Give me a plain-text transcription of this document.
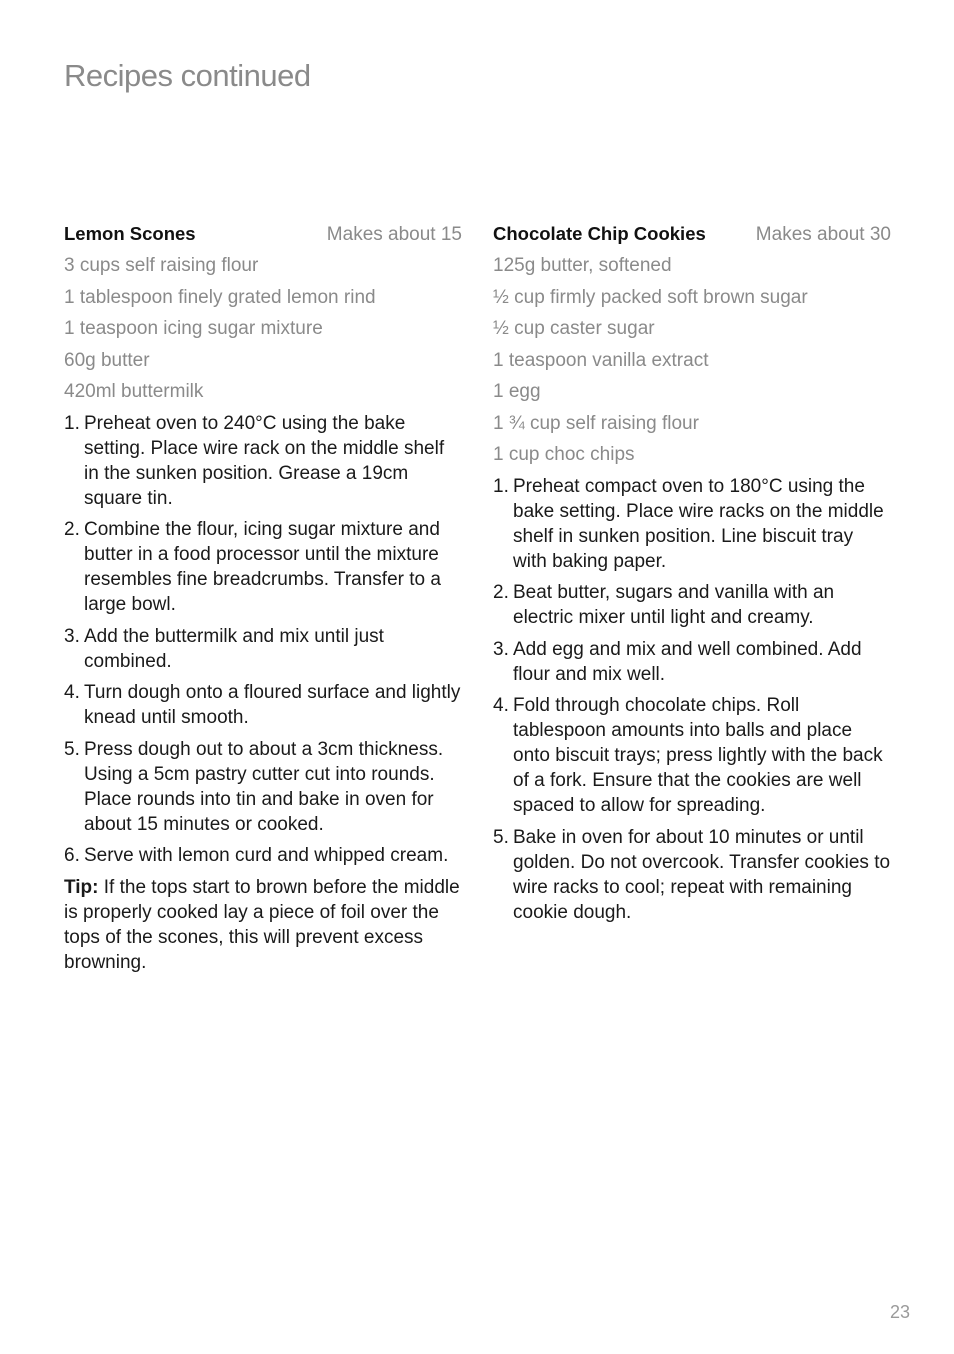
Recipes continued
Lemon Scones	Makes about 15
3 cups self raising flour
1 tablespoon finely grated lemon rind
1 teaspoon icing sugar mixture
60g butter
420ml buttermilk
1. Preheat oven to 240°C using the bake setting. Place wire rack on the middle shelf in the sunken position. Grease a 19cm square tin.
2. Combine the flour, icing sugar mixture and butter in a food processor until the mixture resembles fine breadcrumbs. Transfer to a large bowl.
3. Add the buttermilk and mix until just combined.
4. Turn dough onto a floured surface and lightly knead until smooth.
5. Press dough out to about a 3cm thickness. Using a 5cm pastry cutter cut into rounds. Place rounds into tin and bake in oven for about 15 minutes or cooked.
6. Serve with lemon curd and whipped cream.

Tip: If the tops start to brown before the middle is properly cooked lay a piece of foil over the tops of the scones, this will prevent excess browning.

Chocolate Chip Cookies	Makes about 30
125g butter, softened
½ cup firmly packed soft brown sugar
½ cup caster sugar
1 teaspoon vanilla extract
1 egg
1 ¾ cup self raising flour
1 cup choc chips
1. Preheat compact oven to 180°C using the bake setting. Place wire racks on the middle shelf in sunken position. Line biscuit tray with baking paper.
2. Beat butter, sugars and vanilla with an electric mixer until light and creamy.
3. Add egg and mix and well combined. Add flour and mix well.
4. Fold through chocolate chips. Roll tablespoon amounts into balls and place onto biscuit trays; press lightly with the back of a fork. Ensure that the cookies are well spaced to allow for spreading.
5. Bake in oven for about 10 minutes or until golden. Do not overcook. Transfer cookies to wire racks to cool; repeat with remaining cookie dough.
23
